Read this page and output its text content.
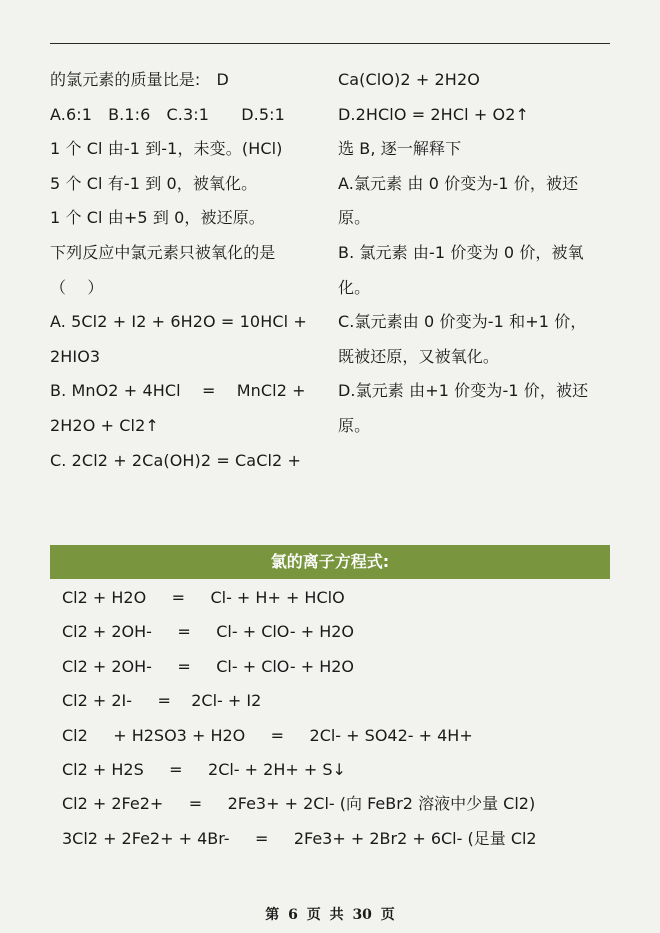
的氯元素的质量比是:　D
A.6:1　B.1:6　C.3:1　　D.5:1
1 个 Cl 由-1 到-1，未变。(HCl)
5 个 Cl 有-1 到 0，被氧化。
1 个 Cl 由+5 到 0，被还原。
下列反应中氯元素只被氧化的是
（　 ）
A. 5Cl2 + I2 + 6H2O = 10HCl +
2HIO3
B. MnO2 + 4HCl　 =　 MnCl2 +
2H2O + Cl2↑
C. 2Cl2 + 2Ca(OH)2 = CaCl2 +
Ca(ClO)2 + 2H2O
D.2HClO = 2HCl + O2↑
选 B, 逐一解释下
A.氯元素 由 0 价变为-1 价，被还
原。
B. 氯元素 由-1 价变为 0 价，被氧
化。
C.氯元素由 0 价变为-1 和+1 价，
既被还原，又被氧化。
D.氯元素 由+1 价变为-1 价，被还
原。
氯的离子方程式:
Cl2 + H2O     =     Cl- + H+ + HClO
Cl2 + 2OH-     =     Cl- + ClO- + H2O
Cl2 + 2OH-     =     Cl- + ClO- + H2O
Cl2 + 2I-     =    2Cl- + I2
Cl2     + H2SO3 + H2O     =     2Cl- + SO42- + 4H+
Cl2 + H2S     =     2Cl- + 2H+ + S↓
Cl2 + 2Fe2+     =     2Fe3+ + 2Cl- (向 FeBr2 溶液中少量 Cl2)
3Cl2 + 2Fe2+ + 4Br-     =     2Fe3+ + 2Br2 + 6Cl- (足量 Cl2
第 6 页 共 30 页
